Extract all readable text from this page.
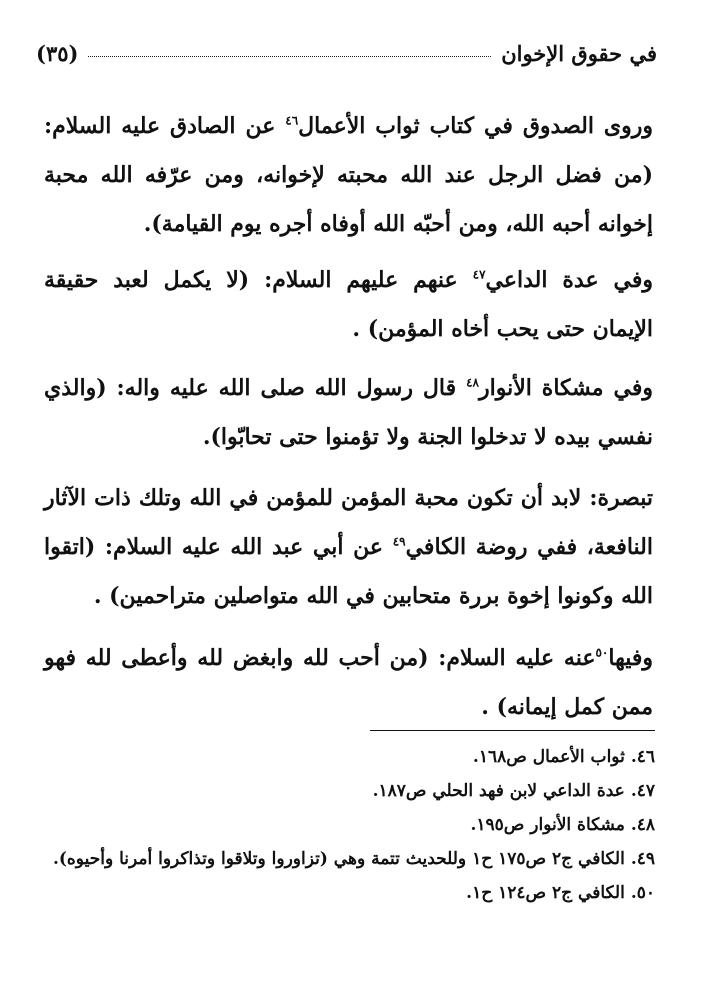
في حقوق الإخوان
(٣٥)

وروى الصدوق في كتاب ثواب الأعمال$^{٤٦}$ عن الصادق عليه السلام: (من فضل الرجل عند الله محبته لإخوانه، ومن عرّفه الله محبة إخوانه أحبه الله، ومن أحبّه الله أوفاه أجره يوم القيامة).

وفي عدة الداعي$^{٤٧}$ عنهم عليهم السلام: (لا يكمل لعبد حقيقة الإيمان حتى يحب أخاه المؤمن) .

وفي مشكاة الأنوار$^{٤٨}$ قال رسول الله صلى الله عليه واله: (والذي نفسي بيده لا تدخلوا الجنة ولا تؤمنوا حتى تحابّوا).

تبصرة: لابد أن تكون محبة المؤمن للمؤمن في الله وتلك ذات الآثار النافعة، ففي روضة الكافي$^{٤٩}$ عن أبي عبد الله عليه السلام: (اتقوا الله وكونوا إخوة بررة متحابين في الله متواصلين متراحمين) .

وفيها$^{٥٠}$عنه عليه السلام: (من أحب لله وابغض لله وأعطى لله فهو ممن كمل إيمانه) .

٤٦.ثواب الأعمال ص١٦٨.
٤٧.عدة الداعي لابن فهد الحلي ص١٨٧.
٤٨.مشكاة الأنوار ص١٩٥.
٤٩.الكافي ج٢ ص١٧٥ ح١ وللحديث تتمة وهي (تزاوروا وتلاقوا وتذاكروا أمرنا وأحيوه).
٥٠.الكافي ج٢ ص١٢٤ ح١.
